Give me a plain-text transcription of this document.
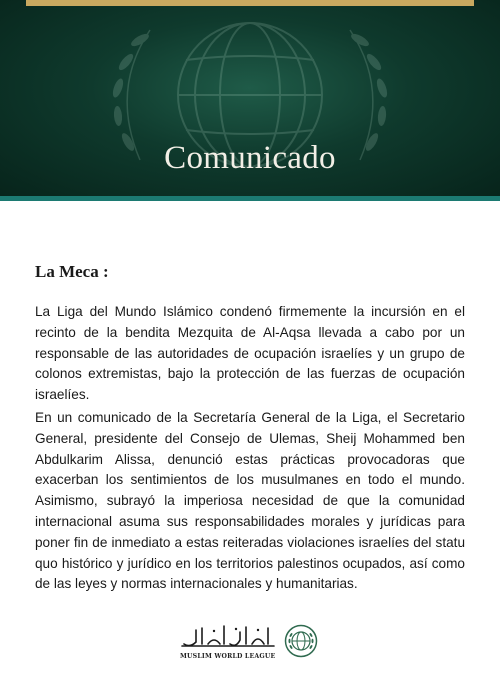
Comunicado
La Meca :

La Liga del Mundo Islámico condenó firmemente la incursión en el recinto de la bendita Mezquita de Al-Aqsa llevada a cabo por un responsable de las autoridades de ocupación israelíes y un grupo de colonos extremistas, bajo la protección de las fuerzas de ocupación israelíes.

En un comunicado de la Secretaría General de la Liga, el Secretario General, presidente del Consejo de Ulemas, Sheij Mohammed ben Abdulkarim Alissa, denunció estas prácticas provocadoras que exacerban los sentimientos de los musulmanes en todo el mundo. Asimismo, subrayó la imperiosa necesidad de que la comunidad internacional asuma sus responsabilidades morales y jurídicas para poner fin de inmediato a estas reiteradas violaciones israelíes del statu quo histórico y jurídico en los territorios palestinos ocupados, así como de las leyes y normas internacionales y humanitarias.

MUSLIM WORLD LEAGUE
